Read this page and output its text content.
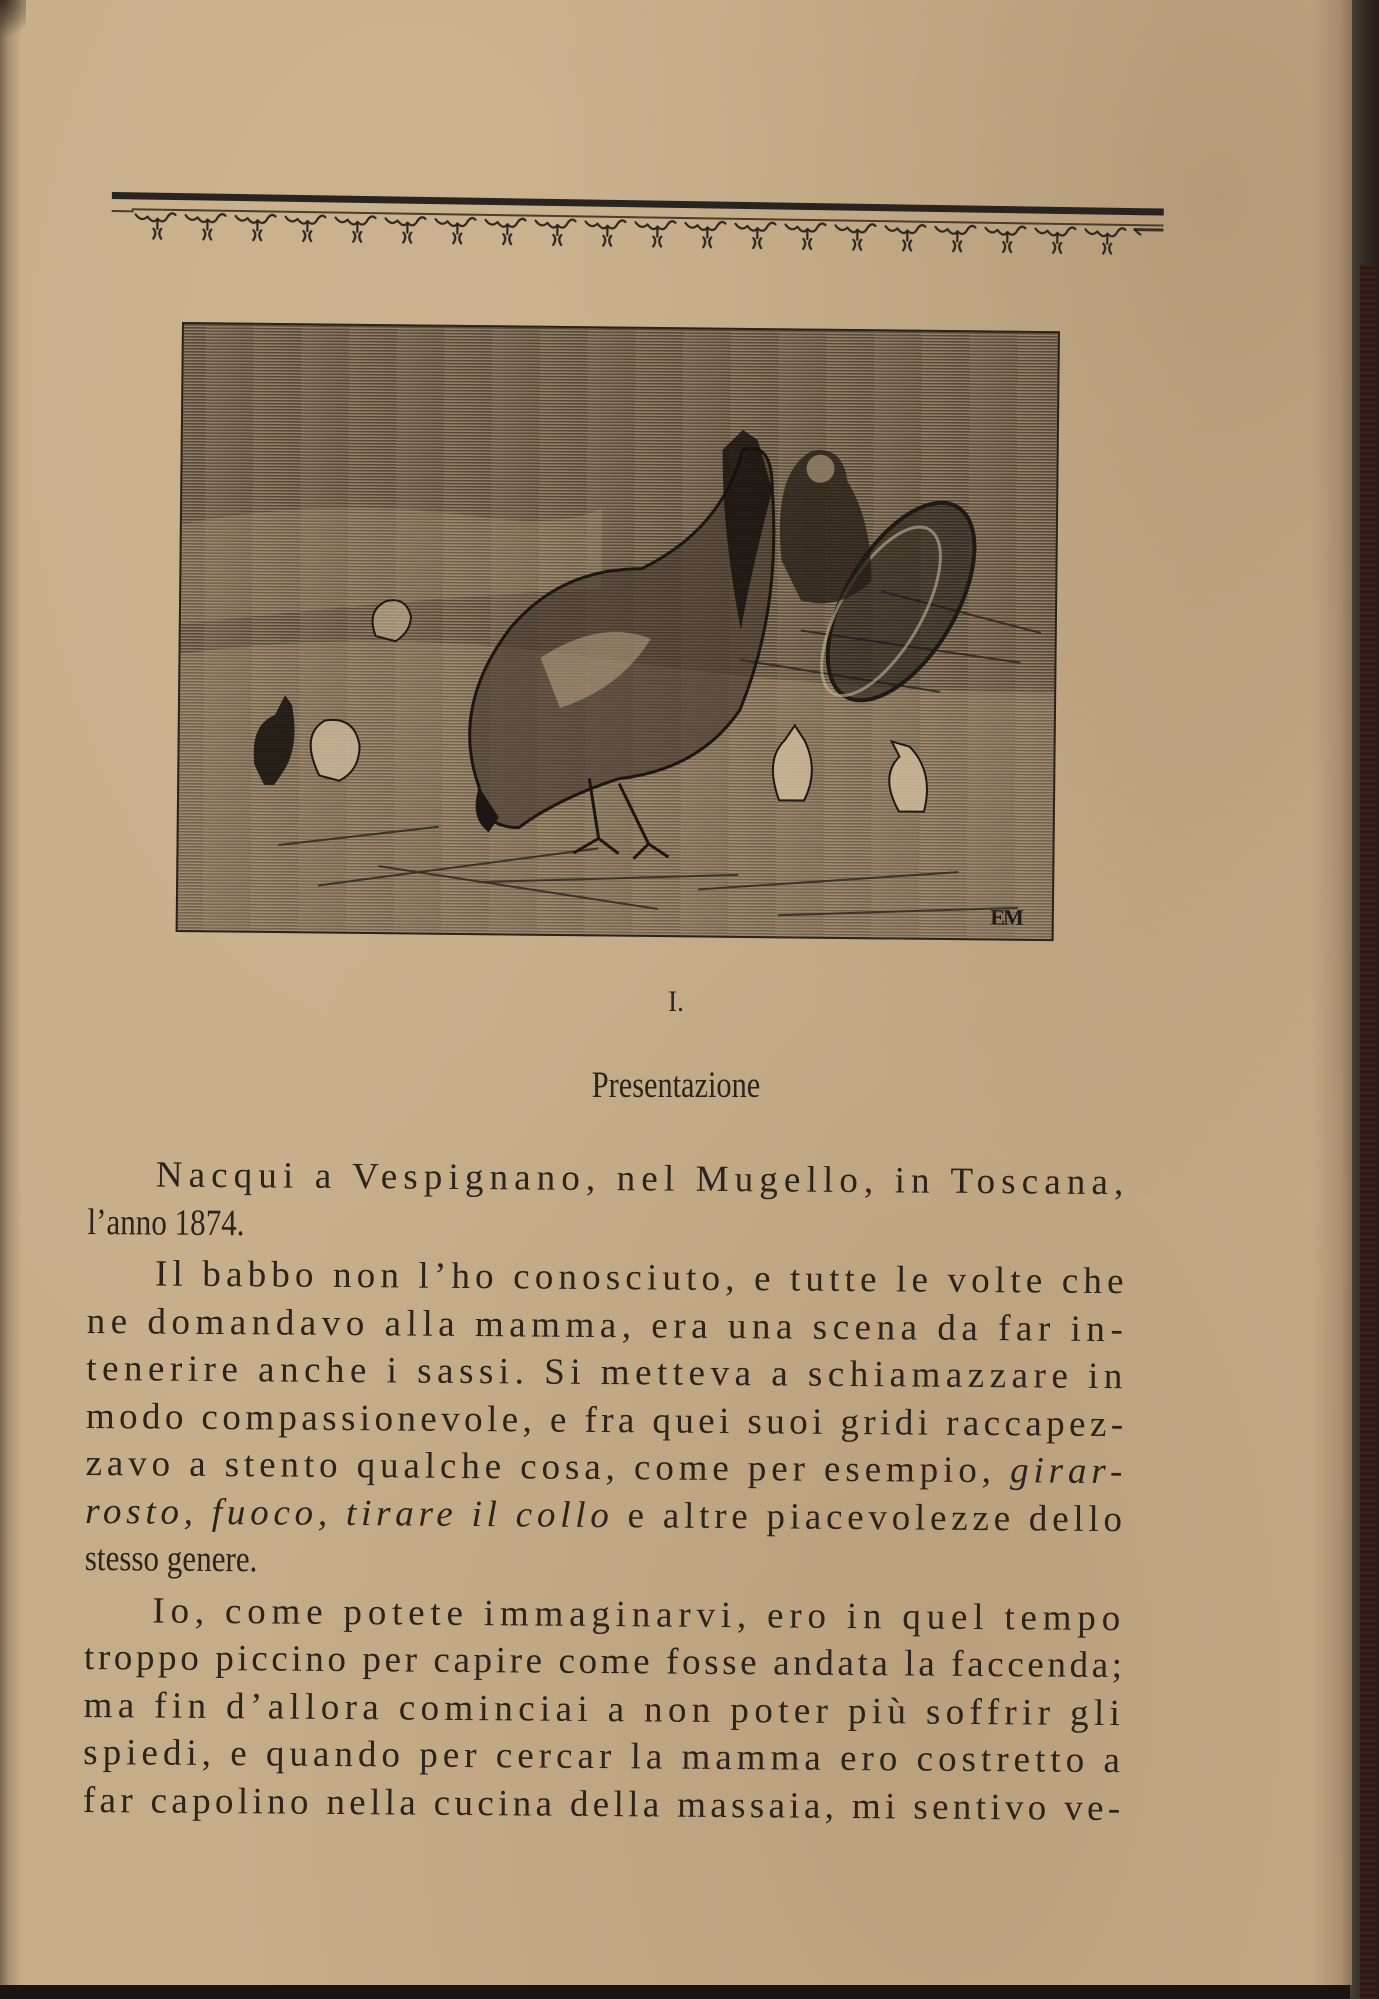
EM
I.
Presentazione
Nacqui a Vespignano, nel Mugello, in Toscana,
l’anno 1874.
Il babbo non l’ho conosciuto, e tutte le volte che
ne domandavo alla mamma, era una scena da far in-
tenerire anche i sassi. Si metteva a schiamazzare in
modo compassionevole, e fra quei suoi gridi raccapez-
zavo a stento qualche cosa, come per esempio, girar-
rosto, fuoco, tirare il collo e altre piacevolezze dello
stesso genere.
Io, come potete immaginarvi, ero in quel tempo
troppo piccino per capire come fosse andata la faccenda;
ma fin d’allora cominciai a non poter più soffrir gli
spiedi, e quando per cercar la mamma ero costretto a
far capolino nella cucina della massaia, mi sentivo ve-
